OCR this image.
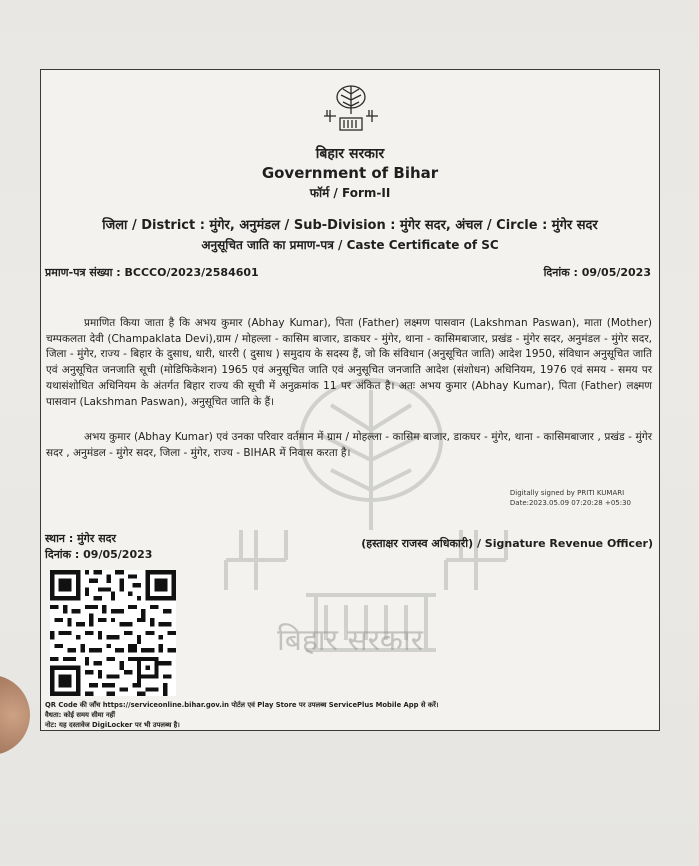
बिहार सरकार
बिहार सरकार
Government of Bihar
फॉर्म / Form-II
जिला / District : मुंगेर, अनुमंडल / Sub-Division : मुंगेर सदर, अंचल / Circle : मुंगेर सदर
अनुसूचित जाति का प्रमाण-पत्र / Caste Certificate of SC
प्रमाण-पत्र संख्या : BCCCO/2023/2584601	दिनांक : 09/05/2023
प्रमाणित किया जाता है कि अभय कुमार (Abhay Kumar), पिता (Father) लक्ष्मण पासवान (Lakshman Paswan), माता (Mother) चम्पकलता देवी (Champaklata Devi),ग्राम / मोहल्ला - कासिम बाजार, डाकघर - मुंगेर, थाना - कासिमबाजार, प्रखंड - मुंगेर सदर, अनुमंडल - मुंगेर सदर, जिला - मुंगेर, राज्य - बिहार के दुसाध, धारी, धाररी ( दुसाध ) समुदाय के सदस्य हैं, जो कि संविधान (अनुसूचित जाति) आदेश 1950, संविधान अनुसूचित जाति एवं अनुसूचित जनजाति सूची (मोडिफिकेशन) 1965 एवं अनुसूचित जाति एवं अनुसूचित जनजाति आदेश (संशोधन) अधिनियम, 1976 एवं समय - समय पर यथासंशोधित अधिनियम के अंतर्गत बिहार राज्य की सूची में अनुक्रमांक 11 पर अंकित है। अतः अभय कुमार (Abhay Kumar), पिता (Father) लक्ष्मण पासवान (Lakshman Paswan), अनुसूचित जाति के हैं।
अभय कुमार (Abhay Kumar) एवं उनका परिवार वर्तमान में ग्राम / मोहल्ला - कासिम बाजार, डाकघर - मुंगेर, थाना - कासिमबाजार , प्रखंड - मुंगेर सदर , अनुमंडल - मुंगेर सदर, जिला - मुंगेर, राज्य - BIHAR में निवास करता है।
Digitally signed by PRITI KUMARI
Date:2023.05.09 07:20:28 +05:30
स्थान : मुंगेर सदर
दिनांक : 09/05/2023
(हस्ताक्षर राजस्व अधिकारी) / Signature Revenue Officer)
QR Code की जाँच https://serviceonline.bihar.gov.in पोर्टल एवं Play Store पर उपलब्ध ServicePlus Mobile App से करें।
वैधता: कोई समय सीमा नहीं
नोट: यह दस्तावेज DigiLocker पर भी उपलब्ध है।
